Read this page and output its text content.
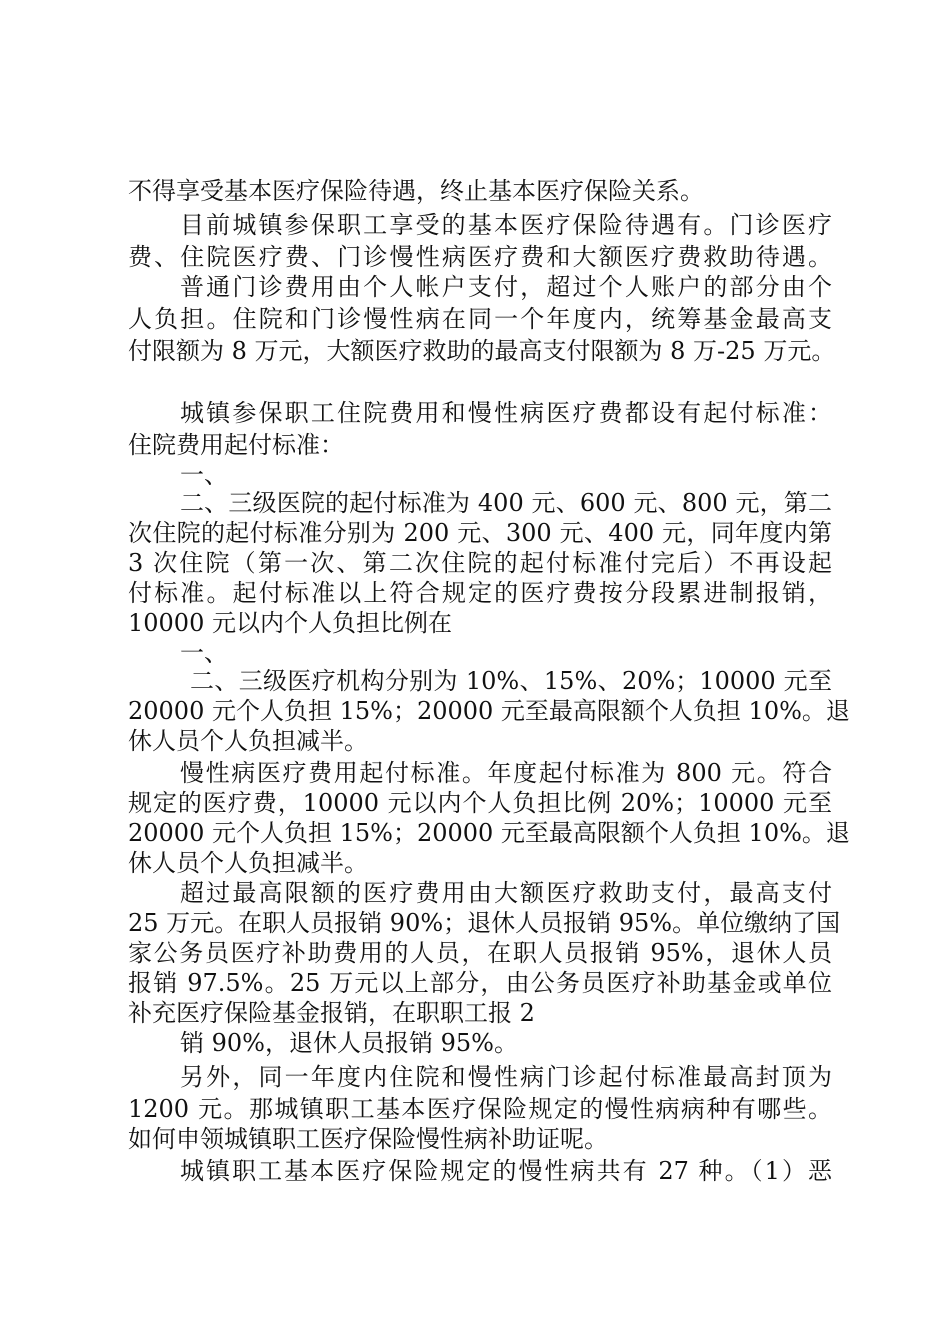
不得享受基本医疗保险待遇，终止基本医疗保险关系。
目前城镇参保职工享受的基本医疗保险待遇有。门诊医疗
费、住院医疗费、门诊慢性病医疗费和大额医疗费救助待遇。
普通门诊费用由个人帐户支付，超过个人账户的部分由个
人负担。住院和门诊慢性病在同一个年度内，统筹基金最高支
付限额为 8 万元，大额医疗救助的最高支付限额为 8 万-25 万元。
城镇参保职工住院费用和慢性病医疗费都设有起付标准：
住院费用起付标准：
一、
二、三级医院的起付标准为 400 元、600 元、800 元，第二
次住院的起付标准分别为 200 元、300 元、400 元，同年度内第
3 次住院（第一次、第二次住院的起付标准付完后）不再设起
付标准。起付标准以上符合规定的医疗费按分段累进制报销，
10000 元以内个人负担比例在
一、
二、三级医疗机构分别为 10%、15%、20%；10000 元至
20000 元个人负担 15%；20000 元至最高限额个人负担 10%。退
休人员个人负担减半。
慢性病医疗费用起付标准。年度起付标准为 800 元。符合
规定的医疗费，10000 元以内个人负担比例 20%；10000 元至
20000 元个人负担 15%；20000 元至最高限额个人负担 10%。退
休人员个人负担减半。
超过最高限额的医疗费用由大额医疗救助支付，最高支付
25 万元。在职人员报销 90%；退休人员报销 95%。单位缴纳了国
家公务员医疗补助费用的人员，在职人员报销 95%，退休人员
报销 97.5%。25 万元以上部分，由公务员医疗补助基金或单位
补充医疗保险基金报销，在职职工报 2
销 90%，退休人员报销 95%。
另外，同一年度内住院和慢性病门诊起付标准最高封顶为
1200 元。那城镇职工基本医疗保险规定的慢性病病种有哪些。
如何申领城镇职工医疗保险慢性病补助证呢。
城镇职工基本医疗保险规定的慢性病共有 27 种。（1）恶
